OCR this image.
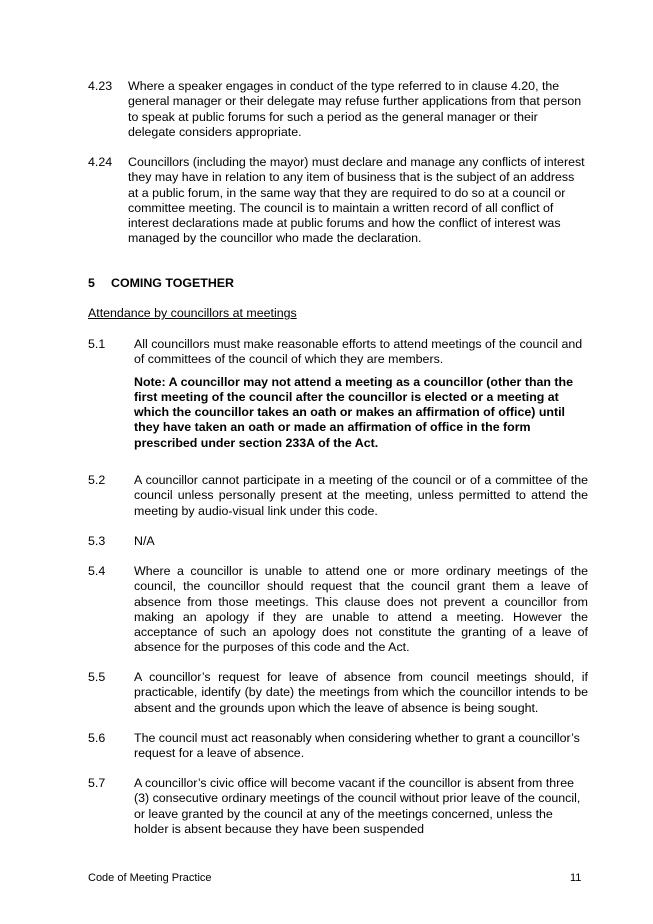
4.23 Where a speaker engages in conduct of the type referred to in clause 4.20, the general manager or their delegate may refuse further applications from that person to speak at public forums for such a period as the general manager or their delegate considers appropriate.

4.24 Councillors (including the mayor) must declare and manage any conflicts of interest they may have in relation to any item of business that is the subject of an address at a public forum, in the same way that they are required to do so at a council or committee meeting. The council is to maintain a written record of all conflict of interest declarations made at public forums and how the conflict of interest was managed by the councillor who made the declaration.

5 COMING TOGETHER
Attendance by councillors at meetings
5.1 All councillors must make reasonable efforts to attend meetings of the council and of committees of the council of which they are members.

Note: A councillor may not attend a meeting as a councillor (other than the first meeting of the council after the councillor is elected or a meeting at which the councillor takes an oath or makes an affirmation of office) until they have taken an oath or made an affirmation of office in the form prescribed under section 233A of the Act.

5.2 A councillor cannot participate in a meeting of the council or of a committee of the council unless personally present at the meeting, unless permitted to attend the meeting by audio-visual link under this code.

5.3 N/A

5.4 Where a councillor is unable to attend one or more ordinary meetings of the council, the councillor should request that the council grant them a leave of absence from those meetings. This clause does not prevent a councillor from making an apology if they are unable to attend a meeting. However the acceptance of such an apology does not constitute the granting of a leave of absence for the purposes of this code and the Act.

5.5 A councillor’s request for leave of absence from council meetings should, if practicable, identify (by date) the meetings from which the councillor intends to be absent and the grounds upon which the leave of absence is being sought.

5.6 The council must act reasonably when considering whether to grant a councillor’s request for a leave of absence.

5.7 A councillor’s civic office will become vacant if the councillor is absent from three (3) consecutive ordinary meetings of the council without prior leave of the council, or leave granted by the council at any of the meetings concerned, unless the holder is absent because they have been suspended

Code of Meeting Practice	11
